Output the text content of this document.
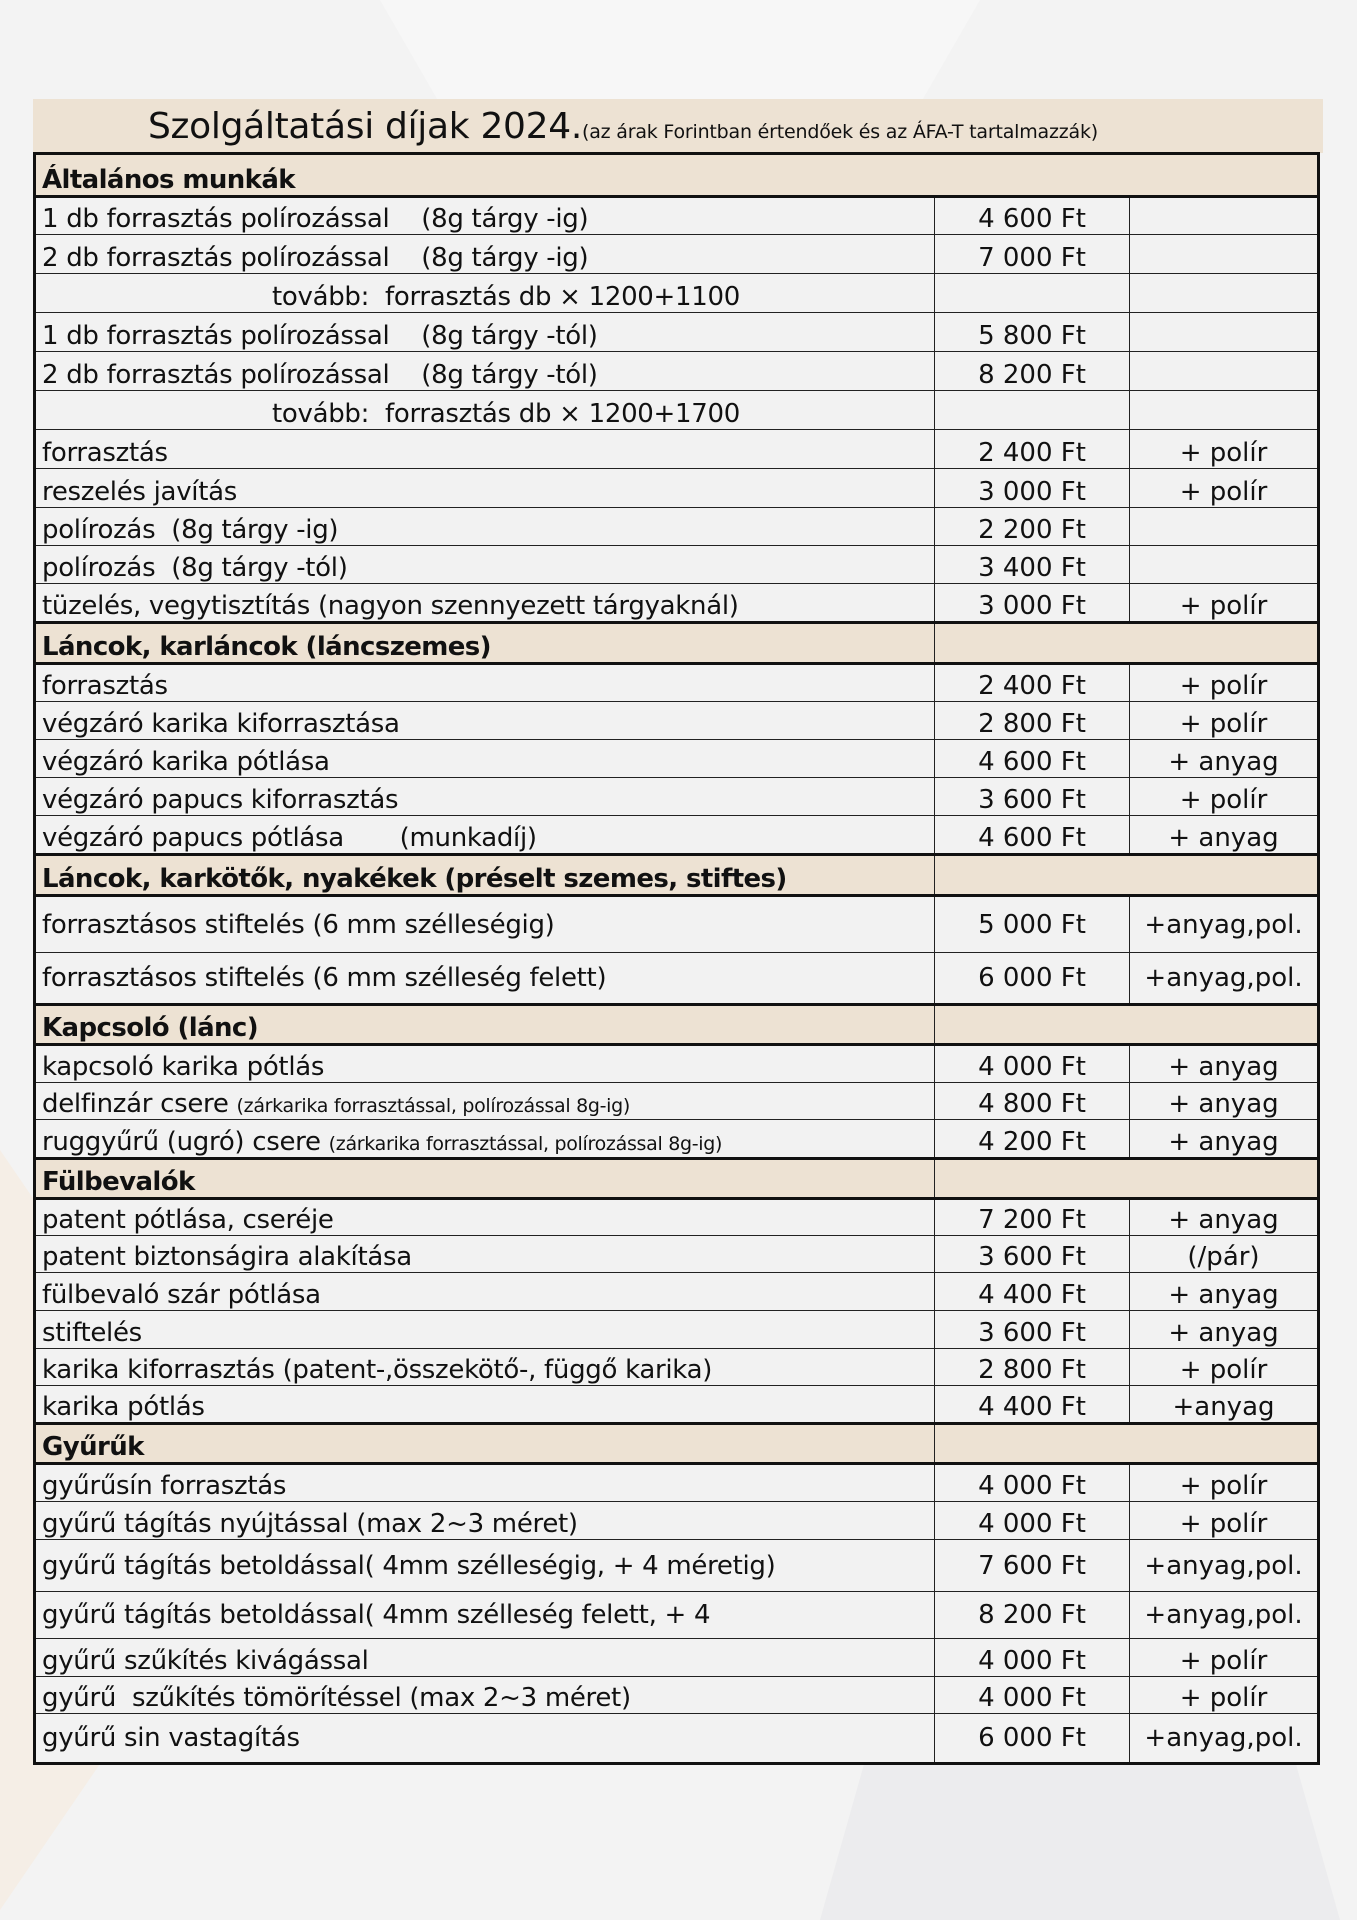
Szolgáltatási díjak 2024.(az árak Forintban értendőek és az ÁFA-T tartalmazzák)
Általános munkák
1 db forrasztás polírozással    (8g tárgy -ig)	4 600 Ft
2 db forrasztás polírozással    (8g tárgy -ig)	7 000 Ft
tovább:  forrasztás db × 1200+1100
1 db forrasztás polírozással    (8g tárgy -tól)	5 800 Ft
2 db forrasztás polírozással    (8g tárgy -tól)	8 200 Ft
tovább:  forrasztás db × 1200+1700
forrasztás	2 400 Ft	+ polír
reszelés javítás	3 000 Ft	+ polír
polírozás  (8g tárgy -ig)	2 200 Ft
polírozás  (8g tárgy -tól)	3 400 Ft
tüzelés, vegytisztítás (nagyon szennyezett tárgyaknál)	3 000 Ft	+ polír
Láncok, karláncok (láncszemes)
forrasztás	2 400 Ft	+ polír
végzáró karika kiforrasztása	2 800 Ft	+ polír
végzáró karika pótlása	4 600 Ft	+ anyag
végzáró papucs kiforrasztás	3 600 Ft	+ polír
végzáró papucs pótlása       (munkadíj)	4 600 Ft	+ anyag
Láncok, karkötők, nyakékek (préselt szemes, stiftes)
forrasztásos stiftelés (6 mm szélleségig)	5 000 Ft +anyag,pol.
forrasztásos stiftelés (6 mm szélleség felett)	6 000 Ft +anyag,pol.
Kapcsoló (lánc)
kapcsoló karika pótlás	4 000 Ft	+ anyag
delfinzár csere (zárkarika forrasztással, polírozással 8g-ig)	4 800 Ft	+ anyag
ruggyűrű (ugró) csere (zárkarika forrasztással, polírozással 8g-ig)	4 200 Ft	+ anyag
Fülbevalók
patent pótlása, cseréje	7 200 Ft	+ anyag
patent biztonságira alakítása	3 600 Ft	(/pár)
fülbevaló szár pótlása	4 400 Ft	+ anyag
stiftelés	3 600 Ft	+ anyag
karika kiforrasztás (patent-,összekötő-, függő karika)	2 800 Ft	+ polír
karika pótlás	4 400 Ft	+anyag
Gyűrűk
gyűrűsín forrasztás	4 000 Ft	+ polír
gyűrű tágítás nyújtással (max 2~3 méret)	4 000 Ft	+ polír
gyűrű tágítás betoldással( 4mm szélleségig, + 4 méretig)	7 600 Ft +anyag,pol.
gyűrű tágítás betoldással( 4mm szélleség felett, + 4	8 200 Ft +anyag,pol.
gyűrű szűkítés kivágással	4 000 Ft	+ polír
gyűrű  szűkítés tömörítéssel (max 2~3 méret)	4 000 Ft	+ polír
gyűrű sin vastagítás	6 000 Ft +anyag,pol.
